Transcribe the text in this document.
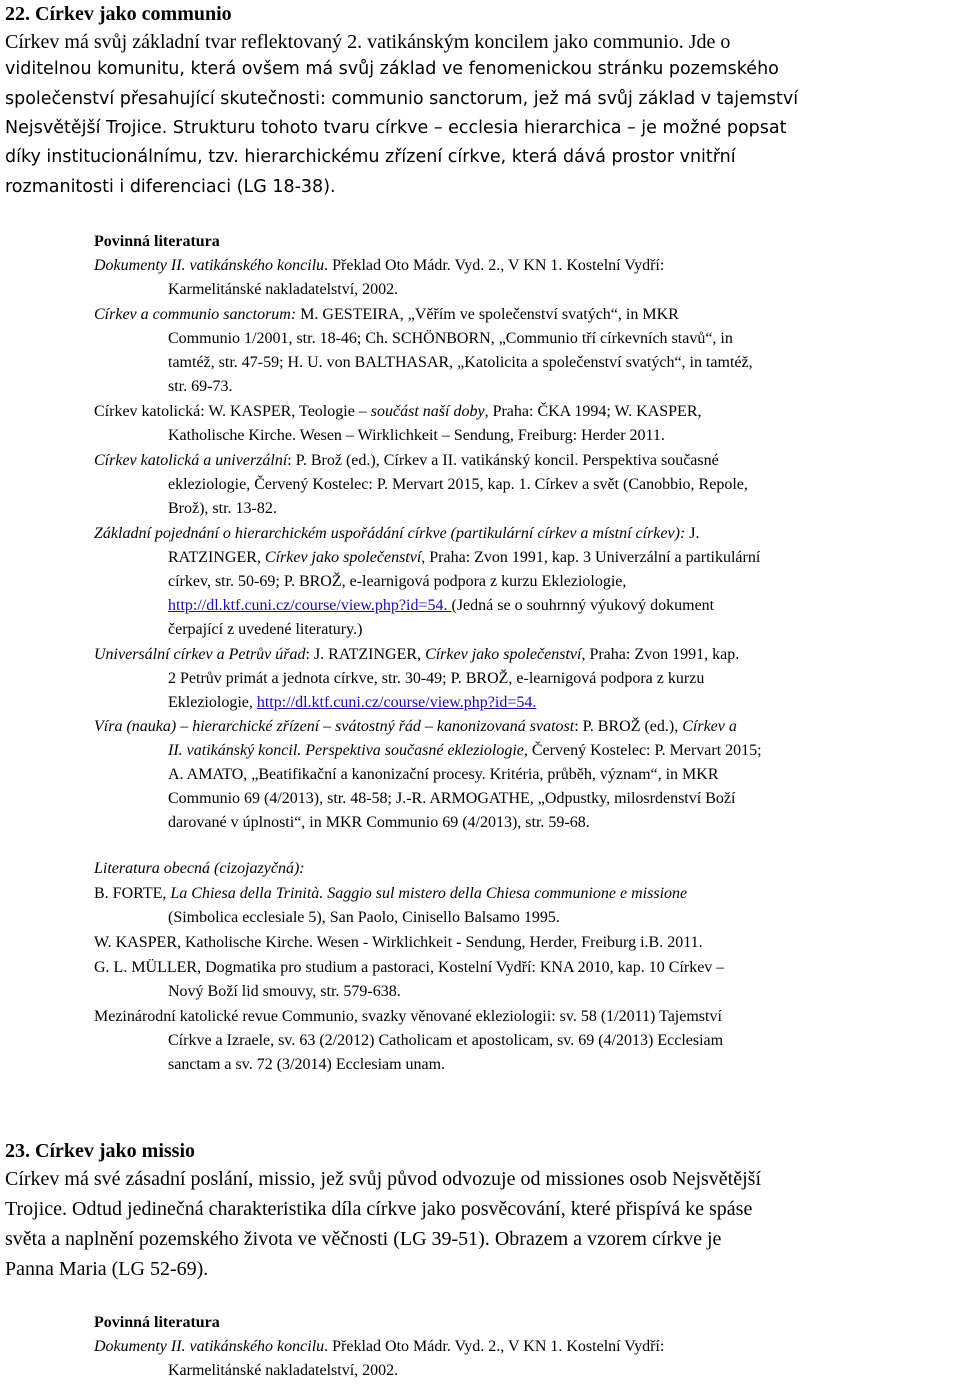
22. Církev jako communio
Církev má svůj základní tvar reflektovaný 2. vatikánským koncilem jako communio. Jde o
viditelnou komunitu, která ovšem má svůj základ ve fenomenickou stránku pozemského
společenství přesahující skutečnosti: communio sanctorum, jež má svůj základ v tajemství
Nejsvětější Trojice. Strukturu tohoto tvaru církve – ecclesia hierarchica – je možné popsat
díky institucionálnímu, tzv. hierarchickému zřízení církve, která dává prostor vnitřní
rozmanitosti i diferenciaci (LG 18-38).
Povinná literatura
Dokumenty II. vatikánského koncilu. Překlad Oto Mádr. Vyd. 2., V KN 1. Kostelní Vydří:
Karmelitánské nakladatelství, 2002.
Církev a communio sanctorum: M. GESTEIRA, „Věřím ve společenství svatých“, in MKR
Communio 1/2001, str. 18-46; Ch. SCHÖNBORN, „Communio tří církevních stavů“, in
tamtéž, str. 47-59; H. U. von BALTHASAR, „Katolicita a společenství svatých“, in tamtéž,
str. 69-73.
Církev katolická: W. KASPER, Teologie – součást naší doby, Praha: ČKA 1994; W. KASPER,
Katholische Kirche. Wesen – Wirklichkeit – Sendung, Freiburg: Herder 2011.
Církev katolická a univerzální: P. Brož (ed.), Církev a II. vatikánský koncil. Perspektiva současné
ekleziologie, Červený Kostelec: P. Mervart 2015, kap. 1. Církev a svět (Canobbio, Repole,
Brož), str. 13-82.
Základní pojednání o hierarchickém uspořádání církve (partikulární církev a místní církev): J.
RATZINGER, Církev jako společenství, Praha: Zvon 1991, kap. 3 Univerzální a partikulární
církev, str. 50-69; P. BROŽ, e-learnigová podpora z kurzu Ekleziologie,
http://dl.ktf.cuni.cz/course/view.php?id=54. (Jedná se o souhrnný výukový dokument
čerpající z uvedené literatury.)
Universální církev a Petrův úřad: J. RATZINGER, Církev jako společenství, Praha: Zvon 1991, kap.
2 Petrův primát a jednota církve, str. 30-49; P. BROŽ, e-learnigová podpora z kurzu
Ekleziologie, http://dl.ktf.cuni.cz/course/view.php?id=54.
Víra (nauka) – hierarchické zřízení – svátostný řád – kanonizovaná svatost: P. BROŽ (ed.), Církev a
II. vatikánský koncil. Perspektiva současné ekleziologie, Červený Kostelec: P. Mervart 2015;
A. AMATO, „Beatifikační a kanonizační procesy. Kritéria, průběh, význam“, in MKR
Communio 69 (4/2013), str. 48-58; J.-R. ARMOGATHE, „Odpustky, milosrdenství Boží
darované v úplnosti“, in MKR Communio 69 (4/2013), str. 59-68.
Literatura obecná (cizojazyčná):
B. FORTE, La Chiesa della Trinità. Saggio sul mistero della Chiesa communione e missione
(Simbolica ecclesiale 5), San Paolo, Cinisello Balsamo 1995.
W. KASPER, Katholische Kirche. Wesen - Wirklichkeit - Sendung, Herder, Freiburg i.B. 2011.
G. L. MÜLLER, Dogmatika pro studium a pastoraci, Kostelní Vydří: KNA 2010, kap. 10 Církev –
Nový Boží lid smouvy, str. 579-638.
Mezinárodní katolické revue Communio, svazky věnované ekleziologii: sv. 58 (1/2011) Tajemství
Církve a Izraele, sv. 63 (2/2012) Catholicam et apostolicam, sv. 69 (4/2013) Ecclesiam
sanctam a sv. 72 (3/2014) Ecclesiam unam.
23. Církev jako missio
Církev má své zásadní poslání, missio, jež svůj původ odvozuje od missiones osob Nejsvětější
Trojice. Odtud jedinečná charakteristika díla církve jako posvěcování, které přispívá ke spáse
světa a naplnění pozemského života ve věčnosti (LG 39-51). Obrazem a vzorem církve je
Panna Maria (LG 52-69).
Povinná literatura
Dokumenty II. vatikánského koncilu. Překlad Oto Mádr. Vyd. 2., V KN 1. Kostelní Vydří:
Karmelitánské nakladatelství, 2002.
